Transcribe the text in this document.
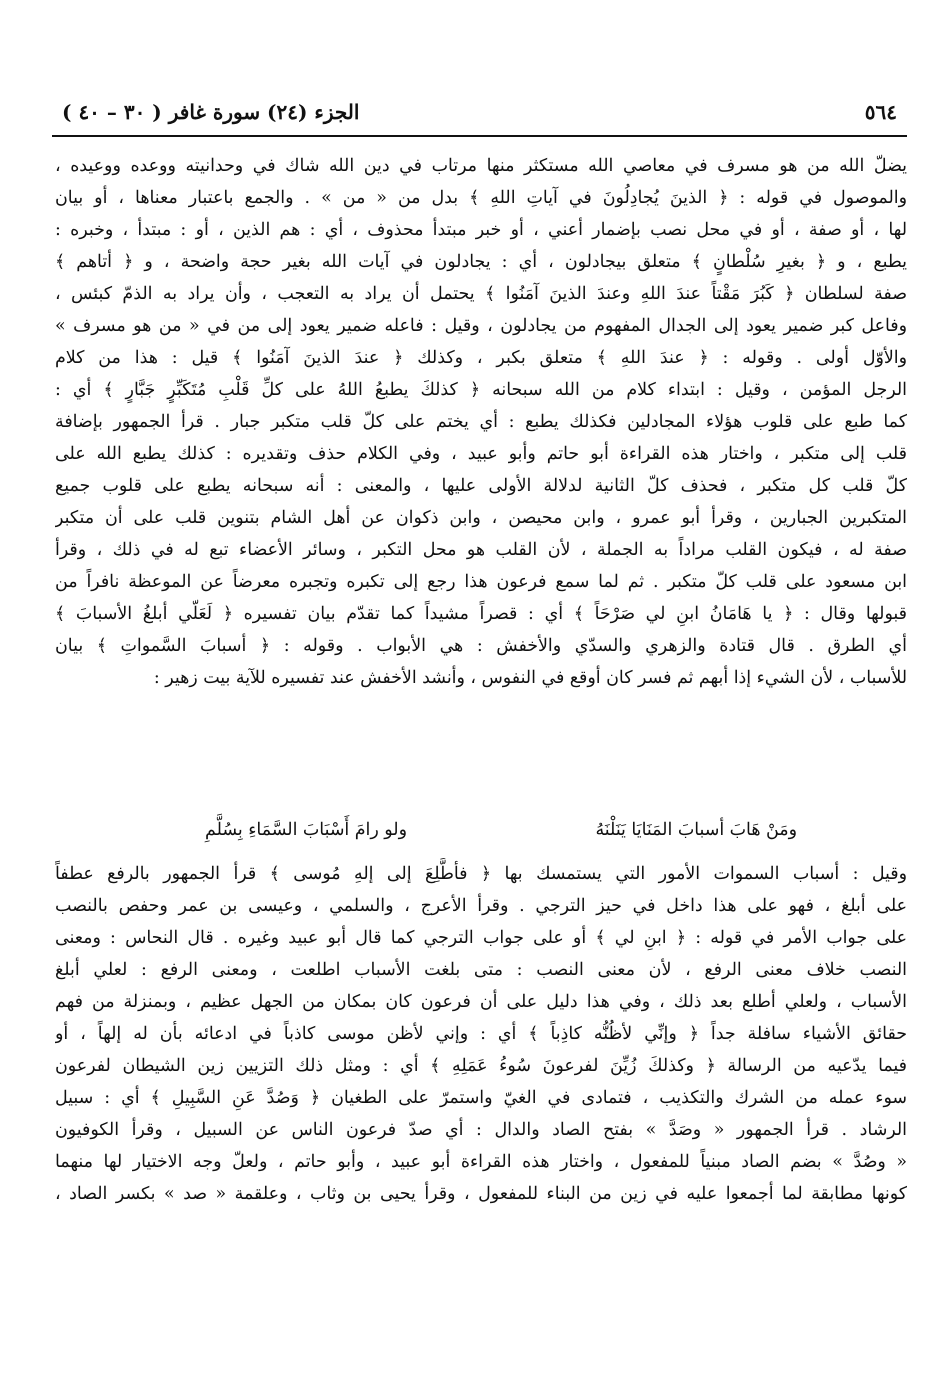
٥٦٤
الجزء (٢٤) سورة غافر ( ٣٠ – ٤٠ )
يضلّ الله من هو مسرف في معاصي الله مستكثر منها مرتاب في دين الله شاك في وحدانيته ووعده ووعيده ،
والموصول في قوله : ﴿ الذينَ يُجادِلُونَ في آياتِ اللهِ ﴾ بدل من « من » . والجمع باعتبار معناها ، أو بيان
لها ، أو صفة ، أو في محل نصب بإضمار أعني ، أو خبر مبتدأ محذوف ، أي : هم الذين ، أو : مبتدأ ، وخبره :
يطبع ، و ﴿ بغيرِ سُلْطانٍ ﴾ متعلق بيجادلون ، أي : يجادلون في آيات الله بغير حجة واضحة ، و ﴿ أتاهم ﴾
صفة لسلطان ﴿ كَبُرَ مَقْتاً عندَ اللهِ وعندَ الذينَ آمَنُوا ﴾ يحتمل أن يراد به التعجب ، وأن يراد به الذمّ كبئس ،
وفاعل كبر ضمير يعود إلى الجدال المفهوم من يجادلون ، وقيل : فاعله ضمير يعود إلى من في « من هو مسرف »
والأوّل أولى . وقوله : ﴿ عندَ اللهِ ﴾ متعلق بكبر ، وكذلك ﴿ عندَ الذينَ آمَنُوا ﴾ قيل : هذا من كلام
الرجل المؤمن ، وقيل : ابتداء كلام من الله سبحانه ﴿ كذلكَ يطبعُ اللهُ على كلِّ قَلْبِ مُتَكَبِّرٍ جَبَّارٍ ﴾ أي :
كما طبع على قلوب هؤلاء المجادلين فكذلك يطبع : أي يختم على كلّ قلب متكبر جبار . قرأ الجمهور بإضافة
قلب إلى متكبر ، واختار هذه القراءة أبو حاتم وأبو عبيد ، وفي الكلام حذف وتقديره : كذلك يطبع الله على
كلّ قلب كل متكبر ، فحذف كلّ الثانية لدلالة الأولى عليها ، والمعنى : أنه سبحانه يطبع على قلوب جميع
المتكبرين الجبارين ، وقرأ أبو عمرو ، وابن محيصن ، وابن ذكوان عن أهل الشام بتنوين قلب على أن متكبر
صفة له ، فيكون القلب مراداً به الجملة ، لأن القلب هو محل التكبر ، وسائر الأعضاء تبع له في ذلك ، وقرأ
ابن مسعود على قلب كلّ متكبر . ثم لما سمع فرعون هذا رجع إلى تكبره وتجبره معرضاً عن الموعظة نافراً من
قبولها وقال : ﴿ يا هَامَانُ ابنِ لي صَرْحَاً ﴾ أي : قصراً مشيداً كما تقدّم بيان تفسيره ﴿ لَعَلّي أبلغُ الأسبابَ ﴾
أي الطرق . قال قتادة والزهري والسدّي والأخفش : هي الأبواب . وقوله : ﴿ أسبابَ السَّمواتِ ﴾ بيان
للأسباب ، لأن الشيء إذا أبهم ثم فسر كان أوقع في النفوس ، وأنشد الأخفش عند تفسيره للآية بيت زهير :
ومَنْ هَابَ أسبابَ المَنَايَا يَنَلْنَهُ
ولو رامَ أَسْبَابَ السَّمَاءِ بِسُلَّمِ
وقيل : أسباب السموات الأمور التي يستمسك بها ﴿ فأطَّلِعَ إلى إلهِ مُوسى ﴾ قرأ الجمهور بالرفع عطفاً
على أبلغ ، فهو على هذا داخل في حيز الترجي . وقرأ الأعرج ، والسلمي ، وعيسى بن عمر وحفص بالنصب
على جواب الأمر في قوله : ﴿ ابنِ لي ﴾ أو على جواب الترجي كما قال أبو عبيد وغيره . قال النحاس : ومعنى
النصب خلاف معنى الرفع ، لأن معنى النصب : متى بلغت الأسباب اطلعت ، ومعنى الرفع : لعلي أبلغ
الأسباب ، ولعلي أطلع بعد ذلك ، وفي هذا دليل على أن فرعون كان بمكان من الجهل عظيم ، وبمنزلة من فهم
حقائق الأشياء سافلة جداً ﴿ وإنِّي لأظُنُّه كاذِباً ﴾ أي : وإني لأظن موسى كاذباً في ادعائه بأن له إلهاً ، أو
فيما يدّعيه من الرسالة ﴿ وكذلكَ زُيِّنَ لفرعونَ سُوءُ عَمَلِهِ ﴾ أي : ومثل ذلك التزيين زين الشيطان لفرعون
سوء عمله من الشرك والتكذيب ، فتمادى في الغيّ واستمرّ على الطغيان ﴿ وَصُدَّ عَنِ السَّبِيلِ ﴾ أي : سبيل
الرشاد . قرأ الجمهور « وصَدَّ » بفتح الصاد والدال : أي صدّ فرعون الناس عن السبيل ، وقرأ الكوفيون
« وصُدَّ » بضم الصاد مبنياً للمفعول ، واختار هذه القراءة أبو عبيد ، وأبو حاتم ، ولعلّ وجه الاختيار لها منهما
كونها مطابقة لما أجمعوا عليه في زين من البناء للمفعول ، وقرأ يحيى بن وثاب ، وعلقمة « صد » بكسر الصاد ،
